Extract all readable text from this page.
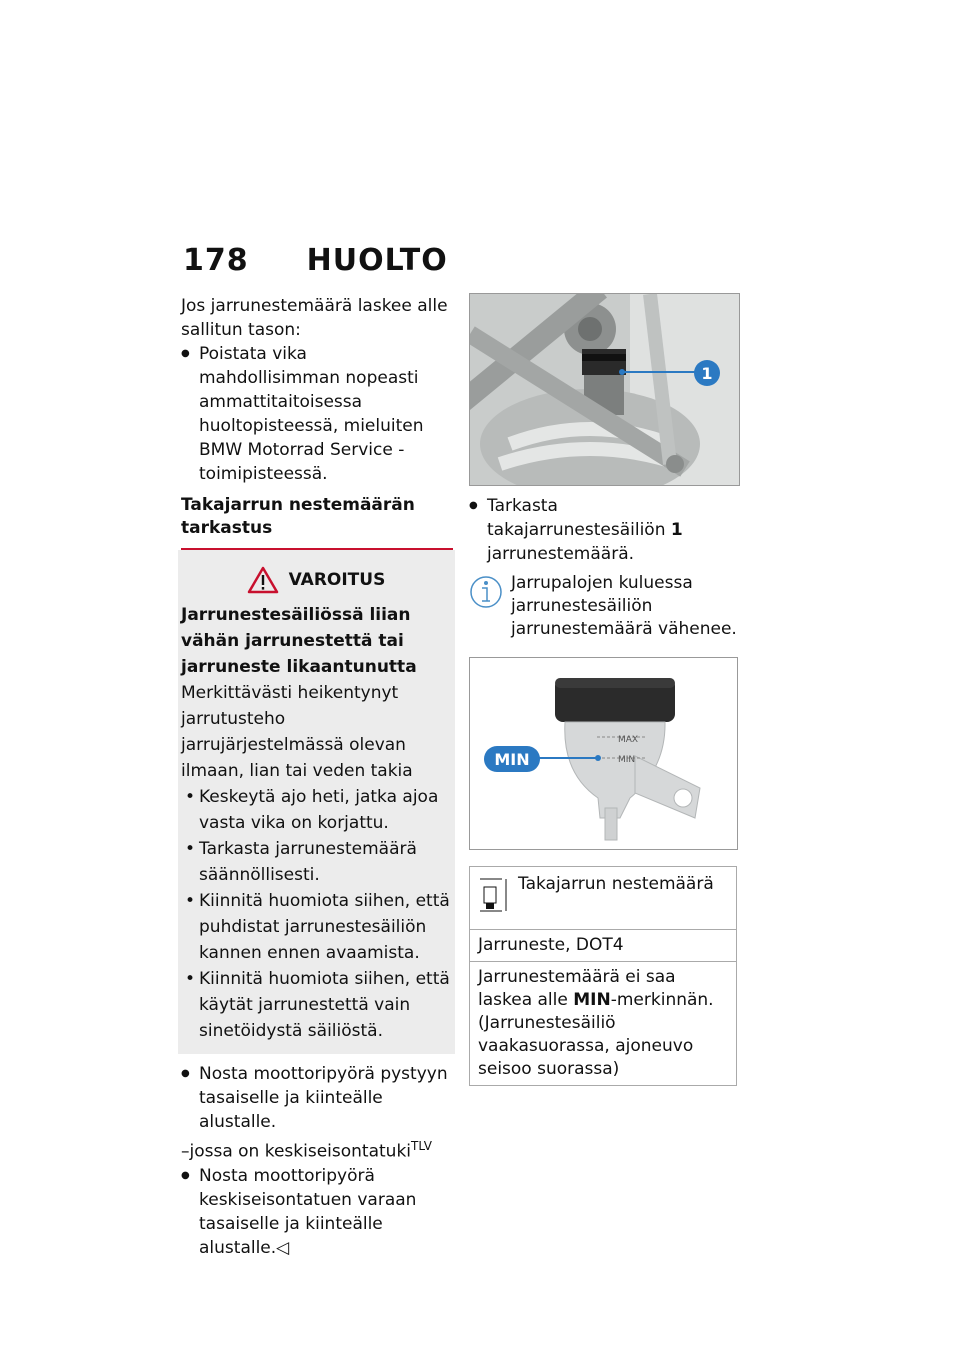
178 HUOLTO

Jos jarrunestemäärä laskee alle sallitun tason:

● Poistata vika mahdollisimman nopeasti ammattitaitoisessa huoltopisteessä, mieluiten BMW Motorrad Service -toimipisteessä.

Takajarrun nestemäärän tarkastus

VAROITUS

Jarrunestesäiliössä liian vähän jarrunestettä tai jarruneste likaantunutta

Merkittävästi heikentynyt jarrutusteho jarrujärjestelmässä olevan ilmaan, lian tai veden takia

• Keskeytä ajo heti, jatka ajoa vasta vika on korjattu.

• Tarkasta jarrunestemäärä säännöllisesti.

• Kiinnitä huomiota siihen, että puhdistat jarrunestesäiliön kannen ennen avaamista.

• Kiinnitä huomiota siihen, että käytät jarrunestettä vain sinetöidystä säiliöstä.

● Nosta moottoripyörä pystyyn tasaiselle ja kiinteälle alustalle.

–jossa on keskiseisontatuki$^{TLV}$

● Nosta moottoripyörä keskiseisontatuen varaan tasaiselle ja kiinteälle alustalle.◁

1

● Tarkasta takajarrunestesäiliön 1 jarrunestemäärä.

Jarrupalojen kuluessa jarrunestesäiliön jarrunestemäärä vähenee.
MAX
MIN
MIN
Takajarrun nestemäärä
Jarruneste, DOT4
Jarrunestemäärä ei saa laskea alle MIN-merkinnän. (Jarrunestesäiliö vaakasuorassa, ajoneuvo seisoo suorassa)
